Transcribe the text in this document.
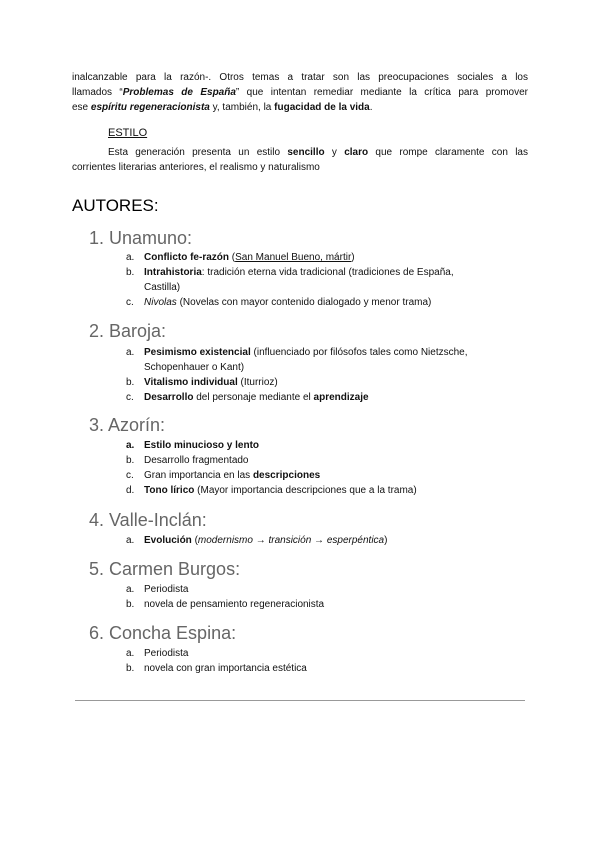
inalcanzable para la razón-. Otros temas a tratar son las preocupaciones sociales a los
llamados “Problemas de España” que intentan remediar mediante la crítica para promover
ese espíritu regeneracionista y, también, la fugacidad de la vida.
ESTILO
Esta generación presenta un estilo sencillo y claro que rompe claramente con las
corrientes literarias anteriores, el realismo y naturalismo
AUTORES:
1. Unamuno:
a. Conflicto fe-razón (San Manuel Bueno, mártir)
b. Intrahistoria: tradición eterna vida tradicional (tradiciones de España,
Castilla)
c. Nivolas (Novelas con mayor contenido dialogado y menor trama)
2. Baroja:
a. Pesimismo existencial (influenciado por filósofos tales como Nietzsche,
Schopenhauer o Kant)
b. Vitalismo individual (Iturrioz)
c. Desarrollo del personaje mediante el aprendizaje
3. Azorín:
a. Estilo minucioso y lento
b. Desarrollo fragmentado
c. Gran importancia en las descripciones
d. Tono lírico (Mayor importancia descripciones que a la trama)
4. Valle-Inclán:
a. Evolución (modernismo → transición → esperpéntica)
5. Carmen Burgos:
a. Periodista
b. novela de pensamiento regeneracionista
6. Concha Espina:
a. Periodista
b. novela con gran importancia estética
